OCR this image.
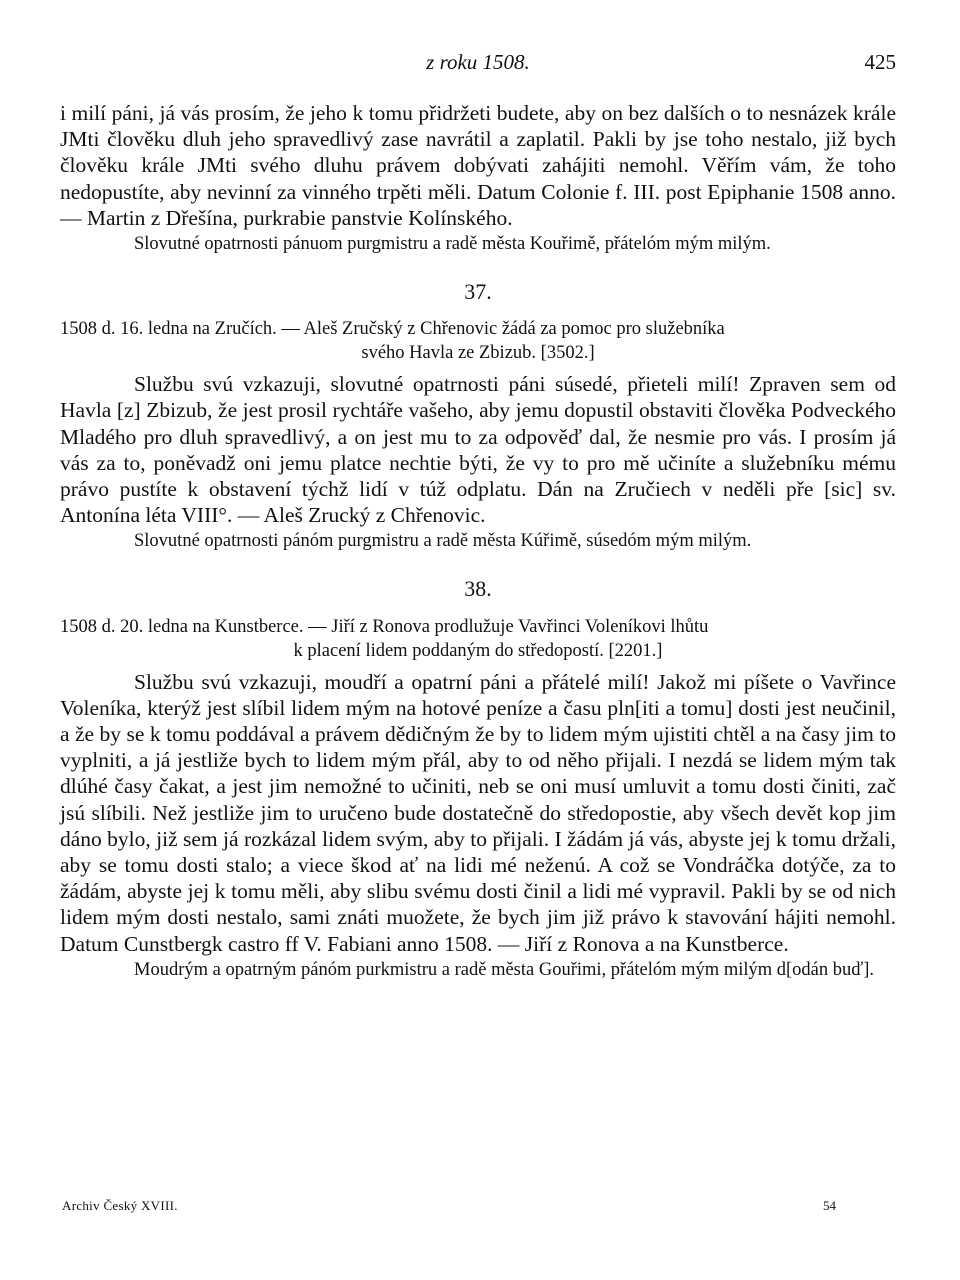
z roku 1508.	425

i milí páni, já vás prosím, že jeho k tomu přidržeti budete, aby on bez dalších o to nesnázek krále JMti člověku dluh jeho spravedlivý zase navrátil a zaplatil. Pakli by jse toho nestalo, již bych člověku krále JMti svého dluhu právem dobývati zahájiti nemohl. Věřím vám, že toho nedopustíte, aby nevinní za vinného trpěti měli. Datum Colonie f. III. post Epiphanie 1508 anno. — Martin z Dřešína, purkrabie panstvie Kolínského.

Slovutné opatrnosti pánuom purgmistru a radě města Kouřimě, přátelóm mým milým.

37.
1508 d. 16. ledna na Zručích. — Aleš Zručský z Chřenovic žádá za pomoc pro služebníka
svého Havla ze Zbizub. [3502.]

Službu svú vzkazuji, slovutné opatrnosti páni súsedé, přieteli milí! Zpraven sem od Havla [z] Zbizub, že jest prosil rychtáře vašeho, aby jemu dopustil obstaviti člověka Podveckého Mladého pro dluh spravedlivý, a on jest mu to za odpověď dal, že nesmie pro vás. I prosím já vás za to, poněvadž oni jemu platce nechtie býti, že vy to pro mě učiníte a služebníku mému právo pustíte k obstavení týchž lidí v túž odplatu. Dán na Zručiech v neděli pře [sic] sv. Antonína léta VIII°. — Aleš Zrucký z Chřenovic.

Slovutné opatrnosti pánóm purgmistru a radě města Kúřimě, súsedóm mým milým.

38.
1508 d. 20. ledna na Kunstberce. — Jiří z Ronova prodlužuje Vavřinci Voleníkovi lhůtu
k placení lidem poddaným do středopostí. [2201.]

Službu svú vzkazuji, moudří a opatrní páni a přátelé milí! Jakož mi píšete o Vavřince Voleníka, kterýž jest slíbil lidem mým na hotové peníze a času pln[iti a tomu] dosti jest neučinil, a že by se k tomu poddával a právem dědičným že by to lidem mým ujistiti chtěl a na časy jim to vyplniti, a já jestliže bych to lidem mým přál, aby to od něho přijali. I nezdá se lidem mým tak dlúhé časy čakat, a jest jim nemožné to učiniti, neb se oni musí umluvit a tomu dosti činiti, zač jsú slíbili. Než jestliže jim to uručeno bude dostatečně do středopostie, aby všech devět kop jim dáno bylo, již sem já rozkázal lidem svým, aby to přijali. I žádám já vás, abyste jej k tomu držali, aby se tomu dosti stalo; a viece škod ať na lidi mé neženú. A což se Vondráčka dotýče, za to žádám, abyste jej k tomu měli, aby slibu svému dosti činil a lidi mé vypravil. Pakli by se od nich lidem mým dosti nestalo, sami znáti muožete, že bych jim již právo k stavování hájiti nemohl. Datum Cunstbergk castro ff V. Fabiani anno 1508. — Jiří z Ronova a na Kunstberce.

Moudrým a opatrným pánóm purkmistru a radě města Gouřimi, přátelóm mým milým d[odán buď].

Archiv Český XVIII.	54
